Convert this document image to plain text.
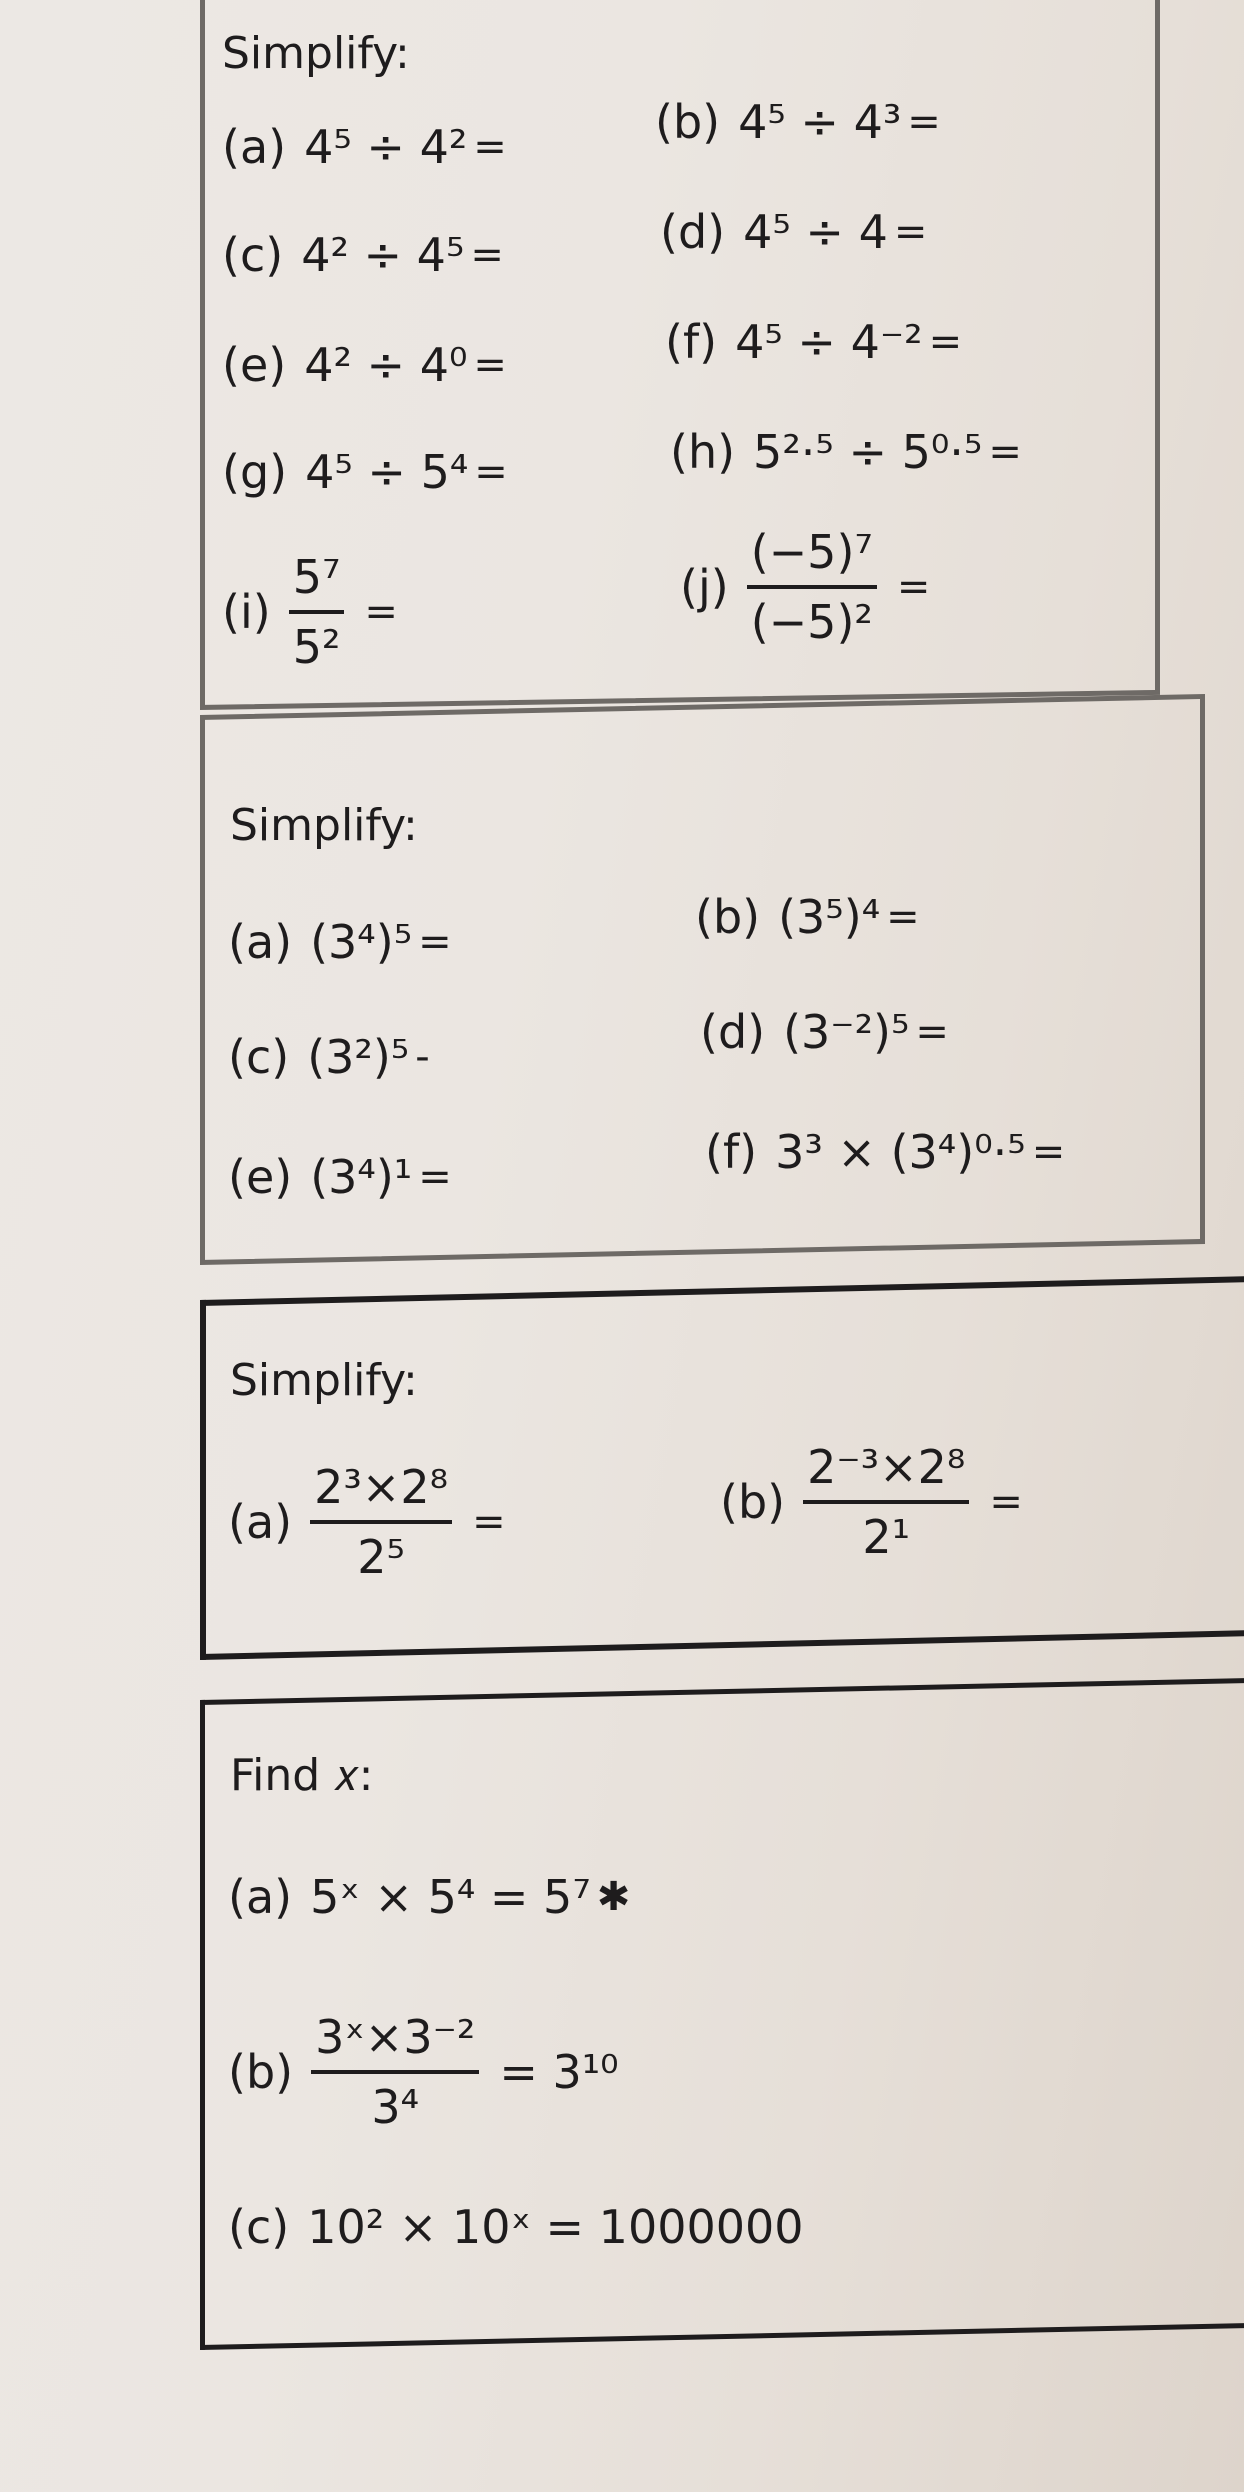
Simplify:
(a) 4⁵ ÷ 4² =	(b) 4⁵ ÷ 4³ =
(c) 4² ÷ 4⁵ =	(d) 4⁵ ÷ 4 =
(e) 4² ÷ 4⁰ =	(f) 4⁵ ÷ 4⁻² =
(g) 4⁵ ÷ 5⁴ =	(h) 5²·⁵ ÷ 5⁰·⁵ =
$(i) \frac{\text{5⁷}}{\text{5²}}$ =	$(j) \frac{\text{(−5)⁷}}{\text{(−5)²}}$ =
Simplify:
(a) (3⁴)⁵ =	(b) (3⁵)⁴ =
(c) (3²)⁵ -	(d) (3⁻²)⁵ =
(e) (3⁴)¹ =	(f) 3³ × (3⁴)⁰·⁵ =
Simplify:
$(a) \frac{\text{2³×2⁸}}{\text{2⁵}}$ =	$(b) \frac{\text{2⁻³×2⁸}}{\text{2¹}}$ =
Find 𝑥:
(a) 5ˣ × 5⁴ = 5⁷ ✱
$(b) \frac{\text{3ˣ×3⁻²}}{\text{3⁴}} = 3^{10}$
(c) 10² × 10ˣ = 1000000
